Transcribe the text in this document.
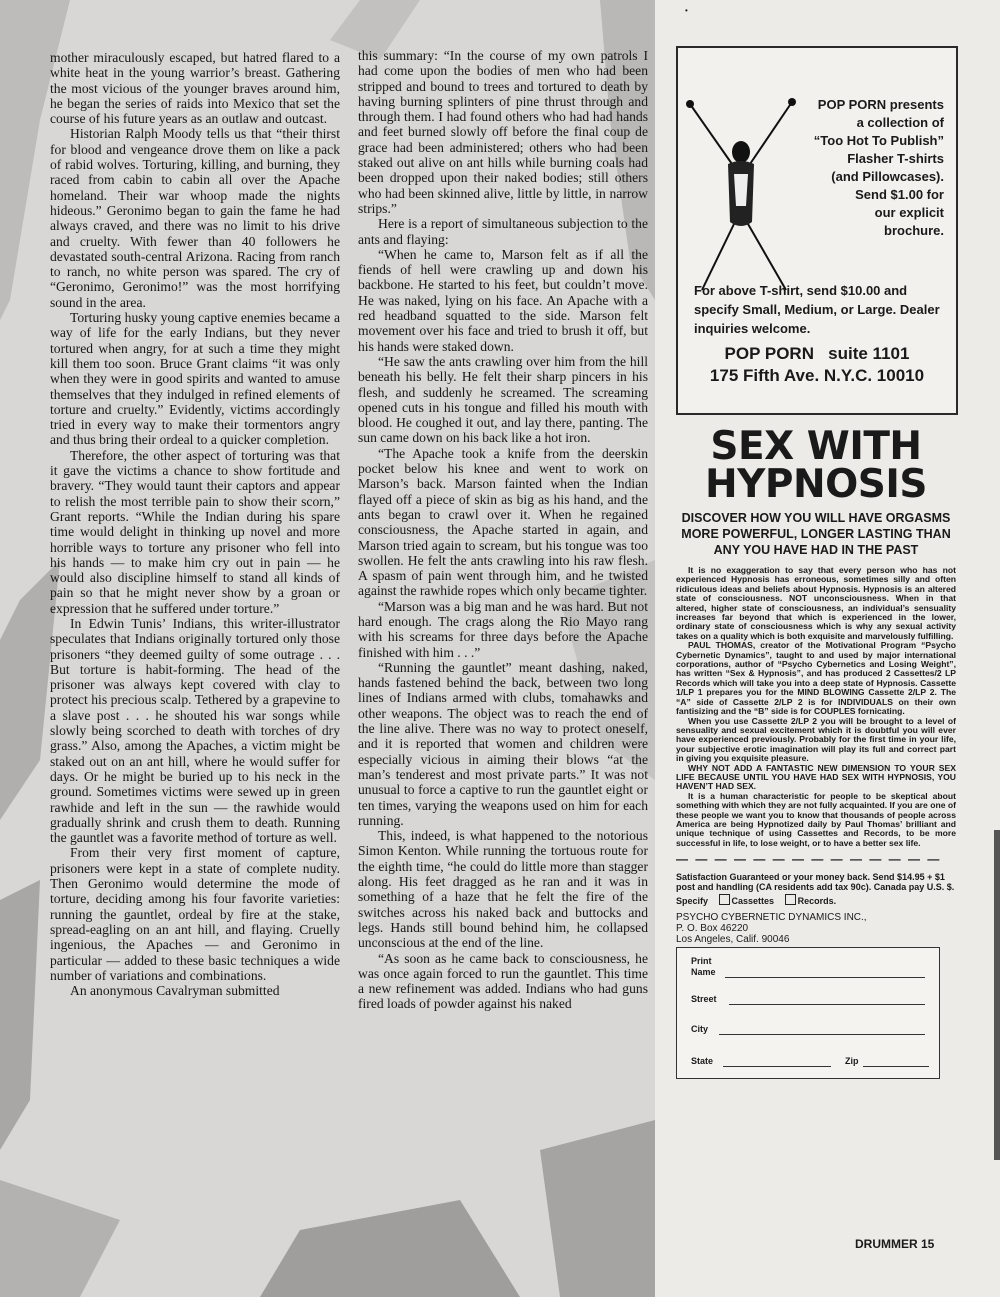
•

mother miraculously escaped, but hatred flared to a white heat in the young warrior’s breast. Gathering the most vicious of the younger braves around him, he began the series of raids into Mexico that set the course of his future years as an outlaw and outcast.

Historian Ralph Moody tells us that “their thirst for blood and vengeance drove them on like a pack of rabid wolves. Torturing, killing, and burning, they raced from cabin to cabin all over the Apache homeland. Their war whoop made the nights hideous.” Geronimo began to gain the fame he had always craved, and there was no limit to his drive and cruelty. With fewer than 40 followers he devastated south-central Arizona. Racing from ranch to ranch, no white person was spared. The cry of “Geronimo, Geronimo!” was the most horrifying sound in the area.

Torturing husky young captive enemies became a way of life for the early Indians, but they never tortured when angry, for at such a time they might kill them too soon. Bruce Grant claims “it was only when they were in good spirits and wanted to amuse themselves that they indulged in refined elements of torture and cruelty.” Evidently, victims accordingly tried in every way to make their tormentors angry and thus bring their ordeal to a quicker completion.

Therefore, the other aspect of torturing was that it gave the victims a chance to show fortitude and bravery. “They would taunt their captors and appear to relish the most terrible pain to show their scorn,” Grant reports. “While the Indian during his spare time would delight in thinking up novel and more horrible ways to torture any prisoner who fell into his hands — to make him cry out in pain — he would also discipline himself to stand all kinds of pain so that he might never show by a groan or expression that he suffered under torture.”

In Edwin Tunis’ Indians, this writer-illustrator speculates that Indians originally tortured only those prisoners “they deemed guilty of some outrage . . . But torture is habit-forming. The head of the prisoner was always kept covered with clay to protect his precious scalp. Tethered by a grapevine to a slave post . . . he shouted his war songs while slowly being scorched to death with torches of dry grass.” Also, among the Apaches, a victim might be staked out on an ant hill, where he would suffer for days. Or he might be buried up to his neck in the ground. Sometimes victims were sewed up in green rawhide and left in the sun — the rawhide would gradually shrink and crush them to death. Running the gauntlet was a favorite method of torture as well.

From their very first moment of capture, prisoners were kept in a state of complete nudity. Then Geronimo would determine the mode of torture, deciding among his four favorite varieties: running the gauntlet, ordeal by fire at the stake, spread-eagling on an ant hill, and flaying. Cruelly ingenious, the Apaches — and Geronimo in particular — added to these basic techniques a wide number of variations and combinations.

An anonymous Cavalryman submitted

this summary: “In the course of my own patrols I had come upon the bodies of men who had been stripped and bound to trees and tortured to death by having burning splinters of pine thrust through and through them. I had found others who had had hands and feet burned slowly off before the final coup de grace had been administered; others who had been staked out alive on ant hills while burning coals had been dropped upon their naked bodies; still others who had been skinned alive, little by little, in narrow strips.”

Here is a report of simultaneous subjection to the ants and flaying:

“When he came to, Marson felt as if all the fiends of hell were crawling up and down his backbone. He started to his feet, but couldn’t move. He was naked, lying on his face. An Apache with a red headband squatted to the side. Marson felt movement over his face and tried to brush it off, but his hands were staked down.

“He saw the ants crawling over him from the hill beneath his belly. He felt their sharp pincers in his flesh, and suddenly he screamed. The screaming opened cuts in his tongue and filled his mouth with blood. He coughed it out, and lay there, panting. The sun came down on his back like a hot iron.

“The Apache took a knife from the deerskin pocket below his knee and went to work on Marson’s back. Marson fainted when the Indian flayed off a piece of skin as big as his hand, and the ants began to crawl over it. When he regained consciousness, the Apache started in again, and Marson tried again to scream, but his tongue was too swollen. He felt the ants crawling into his raw flesh. A spasm of pain went through him, and he twisted against the rawhide ropes which only became tighter.

“Marson was a big man and he was hard. But not hard enough. The crags along the Rio Mayo rang with his screams for three days before the Apache finished with him . . .”

“Running the gauntlet” meant dashing, naked, hands fastened behind the back, between two long lines of Indians armed with clubs, tomahawks and other weapons. The object was to reach the end of the line alive. There was no way to protect oneself, and it is reported that women and children were especially vicious in aiming their blows “at the man’s tenderest and most private parts.” It was not unusual to force a captive to run the gauntlet eight or ten times, varying the weapons used on him for each running.

This, indeed, is what happened to the notorious Simon Kenton. While running the tortuous route for the eighth time, “he could do little more than stagger along. His feet dragged as he ran and it was in something of a haze that he felt the fire of the switches across his naked back and buttocks and legs. Hands still bound behind him, he collapsed unconscious at the end of the line.

“As soon as he came back to consciousness, he was once again forced to run the gauntlet. This time a new refinement was added. Indians who had guns fired loads of powder against his naked

POP PORN presents
a collection of
“Too Hot To Publish”
Flasher T-shirts
(and Pillowcases).
Send $1.00 for
our explicit
brochure.
For above T-shirt, send $10.00 and specify Small, Medium, or Large. Dealer inquiries welcome.
POP PORN   suite 1101
175 Fifth Ave. N.Y.C. 10010
SEX WITH
HYPNOSIS
DISCOVER HOW YOU WILL HAVE ORGASMS MORE POWERFUL, LONGER LASTING THAN ANY YOU HAVE HAD IN THE PAST

It is no exaggeration to say that every person who has not experienced Hypnosis has erroneous, sometimes silly and often ridiculous ideas and beliefs about Hypnosis. Hypnosis is an altered state of consciousness. NOT unconsciousness. When in that altered, higher state of consciousness, an individual’s sensuality increases far beyond that which is experienced in the lower, ordinary state of consciousness which is why any sexual activity takes on a quality which is both exquisite and marvelously fulfilling.

PAUL THOMAS, creator of the Motivational Program “Psycho Cybernetic Dynamics”, taught to and used by major international corporations, author of “Psycho Cybernetics and Losing Weight”, has written “Sex & Hypnosis”, and has produced 2 Cassettes/2 LP Records which will take you into a deep state of Hypnosis. Cassette 1/LP 1 prepares you for the MIND BLOWING Cassette 2/LP 2. The “A” side of Cassette 2/LP 2 is for INDIVIDUALS on their own fantisizing and the “B” side is for COUPLES fornicating.

When you use Cassette 2/LP 2 you will be brought to a level of sensuality and sexual excitement which it is doubtful you will ever have experienced previously. Probably for the first time in your life, your subjective erotic imagination will play its full and correct part in giving you exquisite pleasure.

WHY NOT ADD A FANTASTIC NEW DIMENSION TO YOUR SEX LIFE BECAUSE UNTIL YOU HAVE HAD SEX WITH HYPNOSIS, YOU HAVEN’T HAD SEX.

It is a human characteristic for people to be skeptical about something with which they are not fully acquainted. If you are one of these people we want you to know that thousands of people across America are being Hypnotized daily by Paul Thomas’ brilliant and unique technique of using Cassettes and Records, to be more successful in life, to lose weight, or to have a better sex life.

— — — — — — — — — — — — — —
Satisfaction Guaranteed or your money back. Send $14.95 + $1 post and handling (CA residents add tax 90c). Canada pay U.S. $.
Specify	Cassettes	Records.
PSYCHO CYBERNETIC DYNAMICS INC.,
P. O. Box 46220
Los Angeles, Calif. 90046
Print
Name
Street
City
State	Zip
DRUMMER 15
